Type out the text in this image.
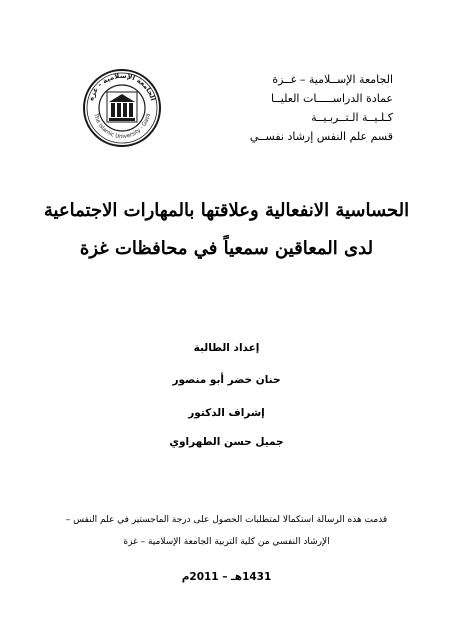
الجامعة الإســلامية – غــزة
عمادة الدراســـــات العليــا
كـلـيــة الـتــربـيــة
قسم علم النفس إرشاد نفســي
الجامعة الإسلامية - غزة
The Islamic University - Gaza
الحساسية الانفعالية وعلاقتها بالمهارات الاجتماعية
لدى المعاقين سمعياً في محافظات غزة
إعداد الطالبة
حنان خضر أبو منصور
إشراف الدكتور
جميل حسن الطهراوي
قدمت هذه الرسالة استكمالا لمتطلبات الحصول على درجة الماجستير في علم النفس –
الإرشاد النفسي من كلية التربية الجامعة الإسلامية – غزة
1431هـ – 2011م
